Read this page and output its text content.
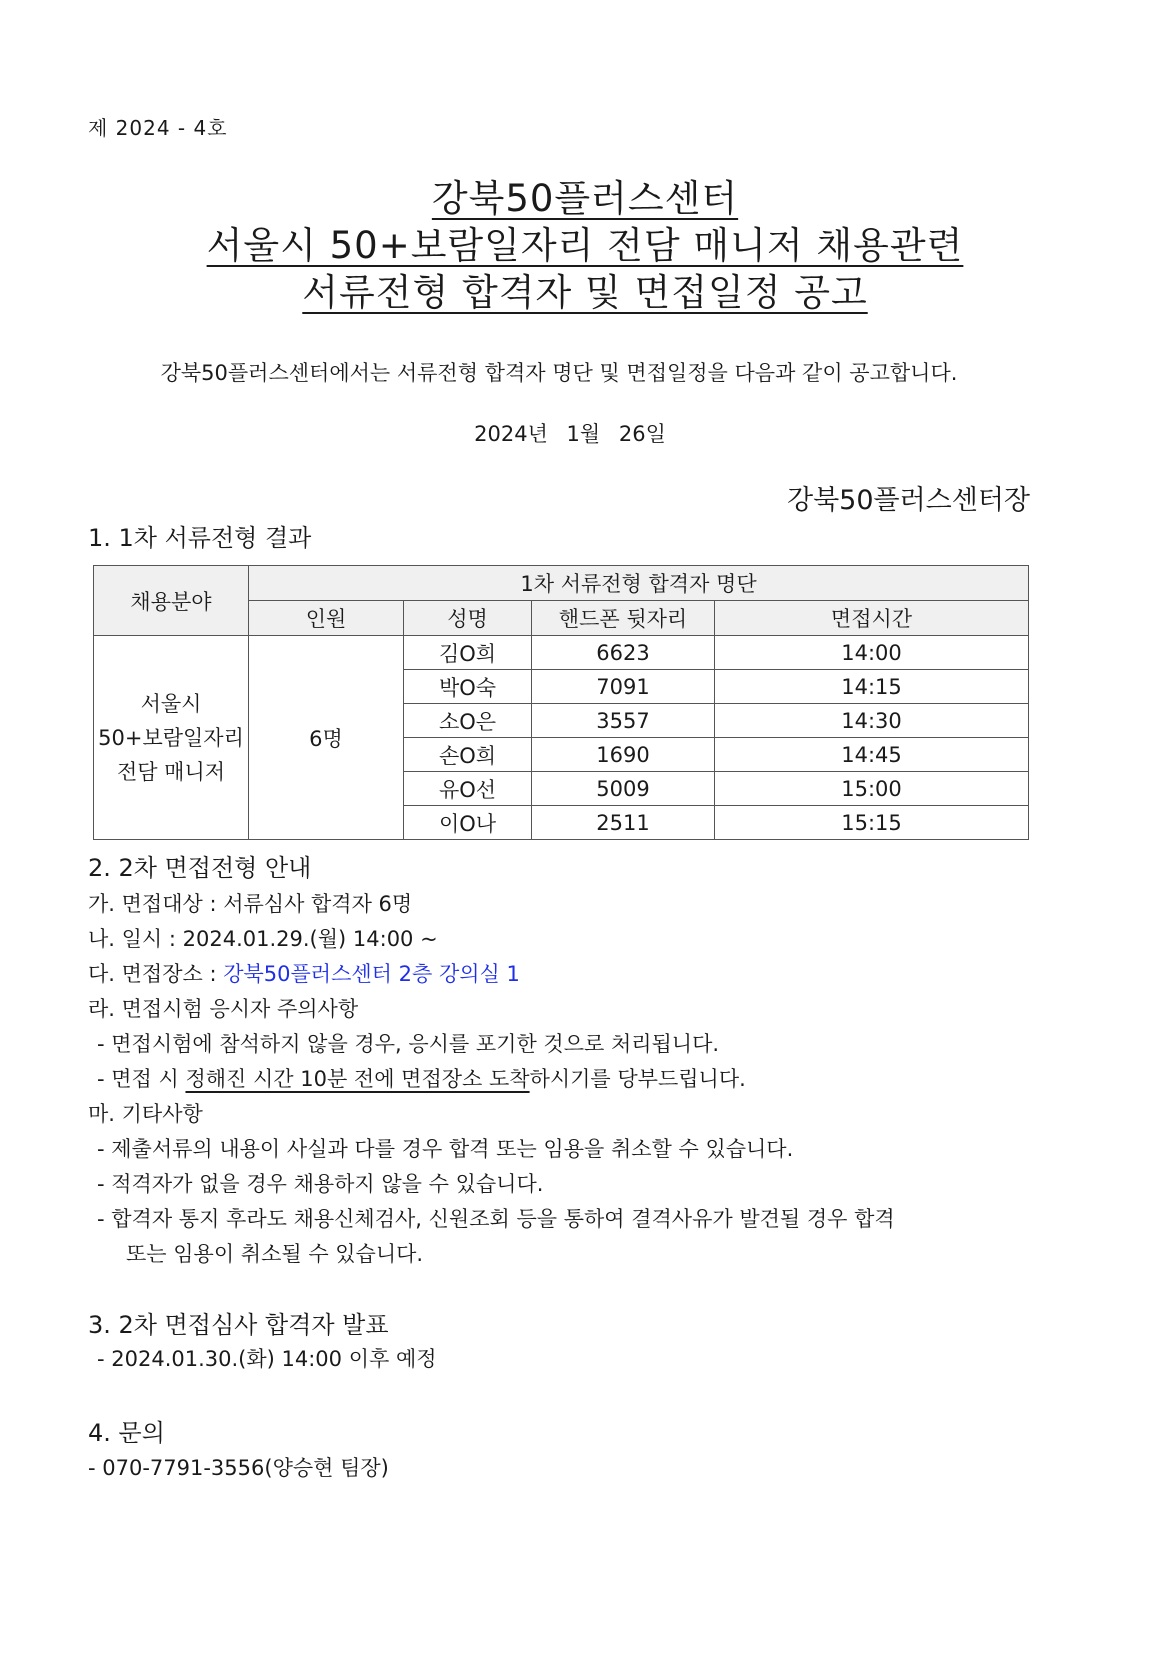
제 2024 - 4호
강북50플러스센터
서울시 50+보람일자리 전담 매니저 채용관련
서류전형 합격자 및 면접일정 공고
강북50플러스센터에서는 서류전형 합격자 명단 및 면접일정을 다음과 같이 공고합니다.
2024년 1월 26일
강북50플러스센터장
1. 1차 서류전형 결과
채용분야	1차 서류전형 합격자 명단			
	인원	성명	핸드폰 뒷자리	면접시간

서울시
50+보람일자리
전담 매니저	6명	김O희	6623	14:00
		박O숙	7091	14:15
		소O은	3557	14:30
		손O희	1690	14:45
		유O선	5009	15:00
		이O나	2511	15:15
2. 2차 면접전형 안내
가. 면접대상 : 서류심사 합격자 6명
나. 일시 : 2024.01.29.(월) 14:00 ~
다. 면접장소 : 강북50플러스센터 2층 강의실 1
라. 면접시험 응시자 주의사항
- 면접시험에 참석하지 않을 경우, 응시를 포기한 것으로 처리됩니다.
- 면접 시 정해진 시간 10분 전에 면접장소 도착하시기를 당부드립니다.
마. 기타사항
- 제출서류의 내용이 사실과 다를 경우 합격 또는 임용을 취소할 수 있습니다.
- 적격자가 없을 경우 채용하지 않을 수 있습니다.
- 합격자 통지 후라도 채용신체검사, 신원조회 등을 통하여 결격사유가 발견될 경우 합격
또는 임용이 취소될 수 있습니다.
3. 2차 면접심사 합격자 발표
- 2024.01.30.(화) 14:00 이후 예정
4. 문의
- 070-7791-3556(양승현 팀장)
